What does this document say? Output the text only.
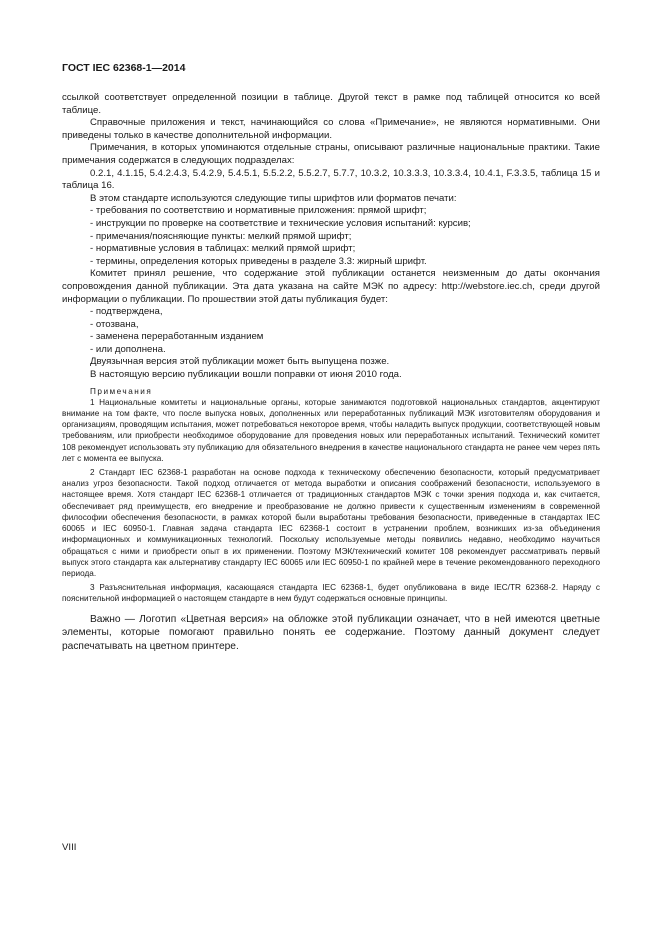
ГОСТ IEC 62368-1—2014

ссылкой соответствует определенной позиции в таблице. Другой текст в рамке под таблицей относится ко всей таблице.

Справочные приложения и текст, начинающийся со слова «Примечание», не являются нормативными. Они приведены только в качестве дополнительной информации.

Примечания, в которых упоминаются отдельные страны, описывают различные национальные практики. Такие примечания содержатся в следующих подразделах:

0.2.1, 4.1.15, 5.4.2.4.3, 5.4.2.9, 5.4.5.1, 5.5.2.2, 5.5.2.7, 5.7.7, 10.3.2, 10.3.3.3, 10.3.3.4, 10.4.1, F.3.3.5, таблица 15 и таблица 16.

В этом стандарте используются следующие типы шрифтов или форматов печати:

- требования по соответствию и нормативные приложения: прямой шрифт;

- инструкции по проверке на соответствие и технические условия испытаний: курсив;

- примечания/поясняющие пункты: мелкий прямой шрифт;

- нормативные условия в таблицах: мелкий прямой шрифт;

- термины, определения которых приведены в разделе 3.3: жирный шрифт.

Комитет принял решение, что содержание этой публикации останется неизменным до даты окончания сопровождения данной публикации. Эта дата указана на сайте МЭК по адресу: http://webstore.iec.ch, среди другой информации о публикации. По прошествии этой даты публикация будет:

- подтверждена,

- отозвана,

- заменена переработанным изданием

- или дополнена.

Двуязычная версия этой публикации может быть выпущена позже.

В настоящую версию публикации вошли поправки от июня 2010 года.

Примечания

1 Национальные комитеты и национальные органы, которые занимаются подготовкой национальных стандартов, акцентируют внимание на том факте, что после выпуска новых, дополненных или переработанных публикаций МЭК изготовителям оборудования и организациям, проводящим испытания, может потребоваться некоторое время, чтобы наладить выпуск продукции, соответствующей новым требованиям, или приобрести необходимое оборудование для проведения новых или переработанных испытаний. Технический комитет 108 рекомендует использовать эту публикацию для обязательного внедрения в качестве национального стандарта не ранее чем через пять лет с момента ее выпуска.

2 Стандарт IEC 62368-1 разработан на основе подхода к техническому обеспечению безопасности, который предусматривает анализ угроз безопасности. Такой подход отличается от метода выработки и описания соображений безопасности, используемого в настоящее время. Хотя стандарт IEC 62368-1 отличается от традиционных стандартов МЭК с точки зрения подхода и, как считается, обеспечивает ряд преимуществ, его внедрение и преобразование не должно привести к существенным изменениям в современной философии обеспечения безопасности, в рамках которой были выработаны требования безопасности, приведенные в стандартах IEC 60065 и IEC 60950-1. Главная задача стандарта IEC 62368-1 состоит в устранении проблем, возникших из-за объединения информационных и коммуникационных технологий. Поскольку используемые методы появились недавно, необходимо научиться обращаться с ними и приобрести опыт в их применении. Поэтому МЭК/технический комитет 108 рекомендует рассматривать первый выпуск этого стандарта как альтернативу стандарту IEC 60065 или IEC 60950-1 по крайней мере в течение рекомендованного переходного периода.

3 Разъяснительная информация, касающаяся стандарта IEC 62368-1, будет опубликована в виде IEC/TR 62368-2. Наряду с пояснительной информацией о настоящем стандарте в нем будут содержаться основные принципы.

Важно — Логотип «Цветная версия» на обложке этой публикации означает, что в ней имеются цветные элементы, которые помогают правильно понять ее содержание. Поэтому данный документ следует распечатывать на цветном принтере.

VIII
